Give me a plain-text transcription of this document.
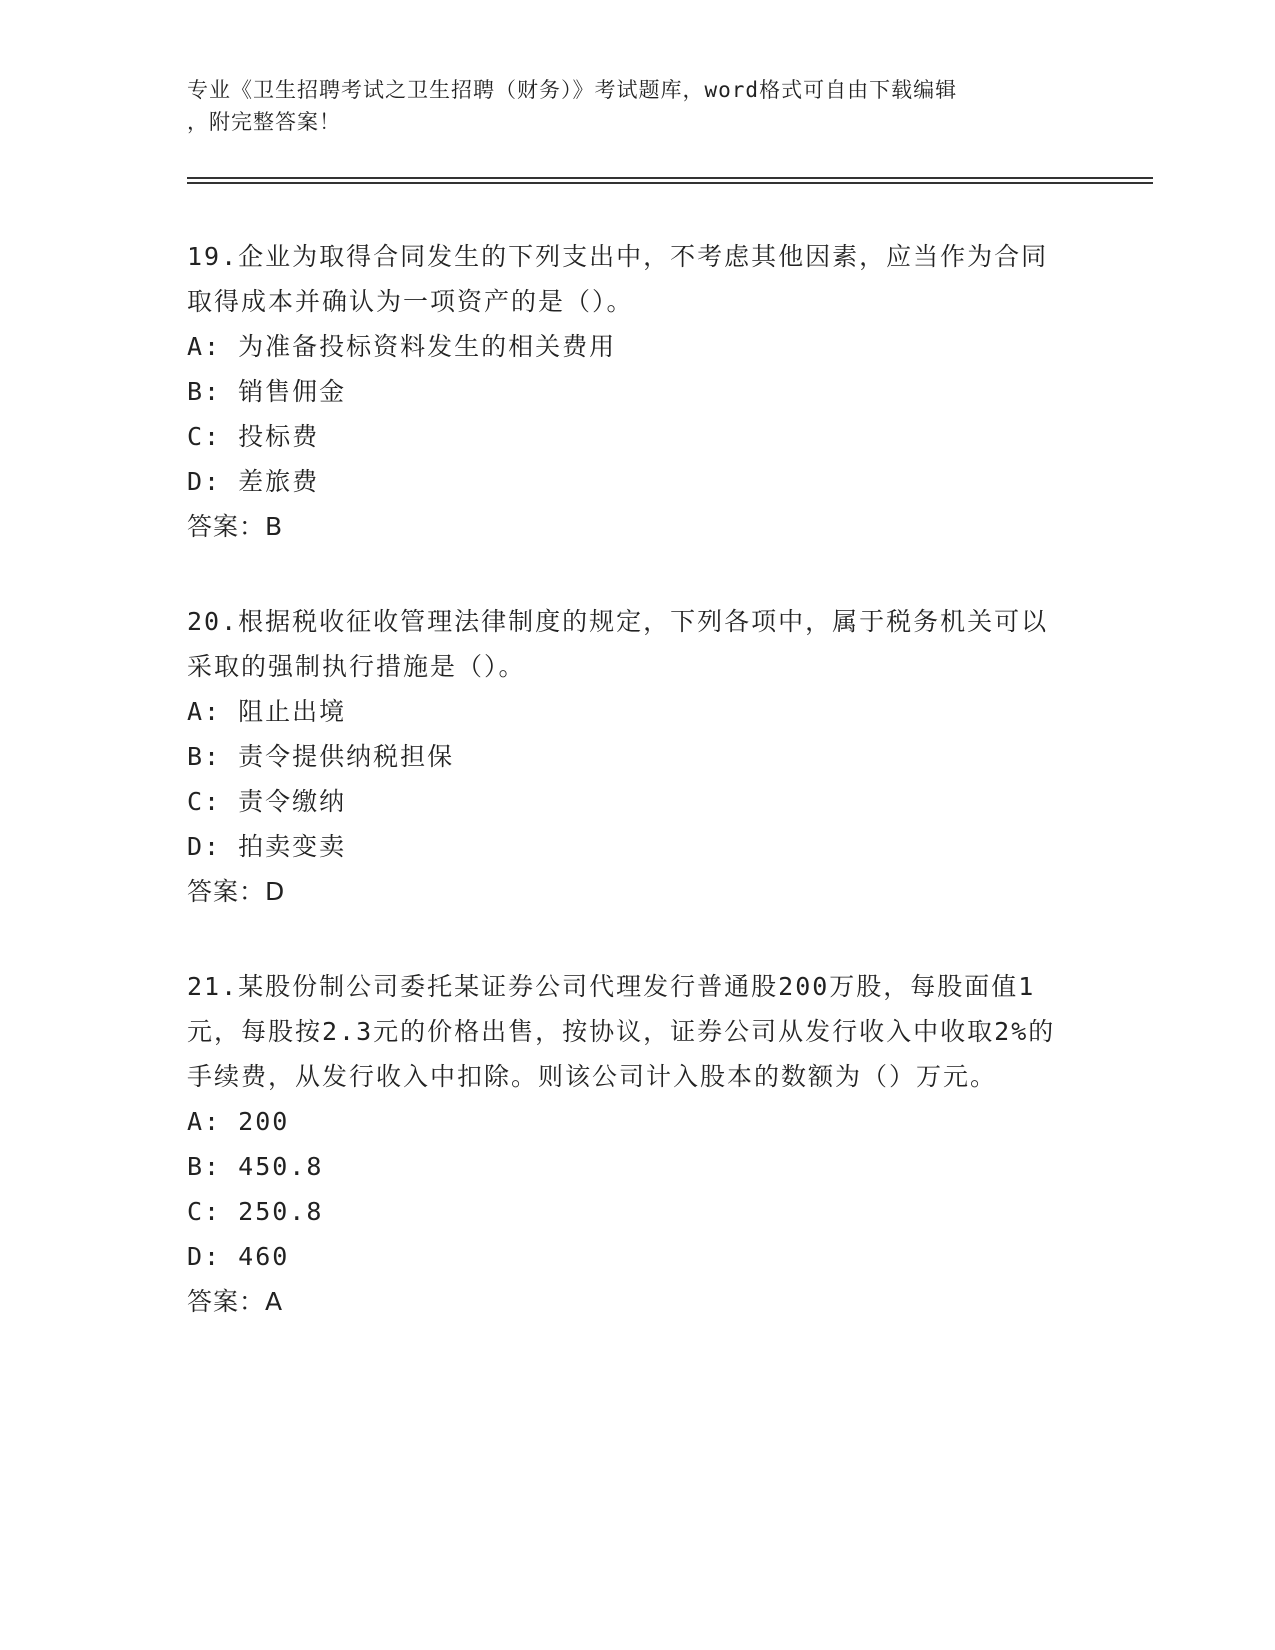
专业《卫生招聘考试之卫生招聘（财务）》考试题库，word格式可自由下载编辑
，附完整答案！
19.企业为取得合同发生的下列支出中，不考虑其他因素，应当作为合同取得成本并确认为一项资产的是（）。
A: 为准备投标资料发生的相关费用
B: 销售佣金
C: 投标费
D: 差旅费
答案：B
20.根据税收征收管理法律制度的规定，下列各项中，属于税务机关可以采取的强制执行措施是（）。
A: 阻止出境
B: 责令提供纳税担保
C: 责令缴纳
D: 拍卖变卖
答案：D
21.某股份制公司委托某证券公司代理发行普通股200万股，每股面值1元，每股按2.3元的价格出售，按协议，证券公司从发行收入中收取2%的手续费，从发行收入中扣除。则该公司计入股本的数额为（）万元。
A: 200
B: 450.8
C: 250.8
D: 460
答案：A
